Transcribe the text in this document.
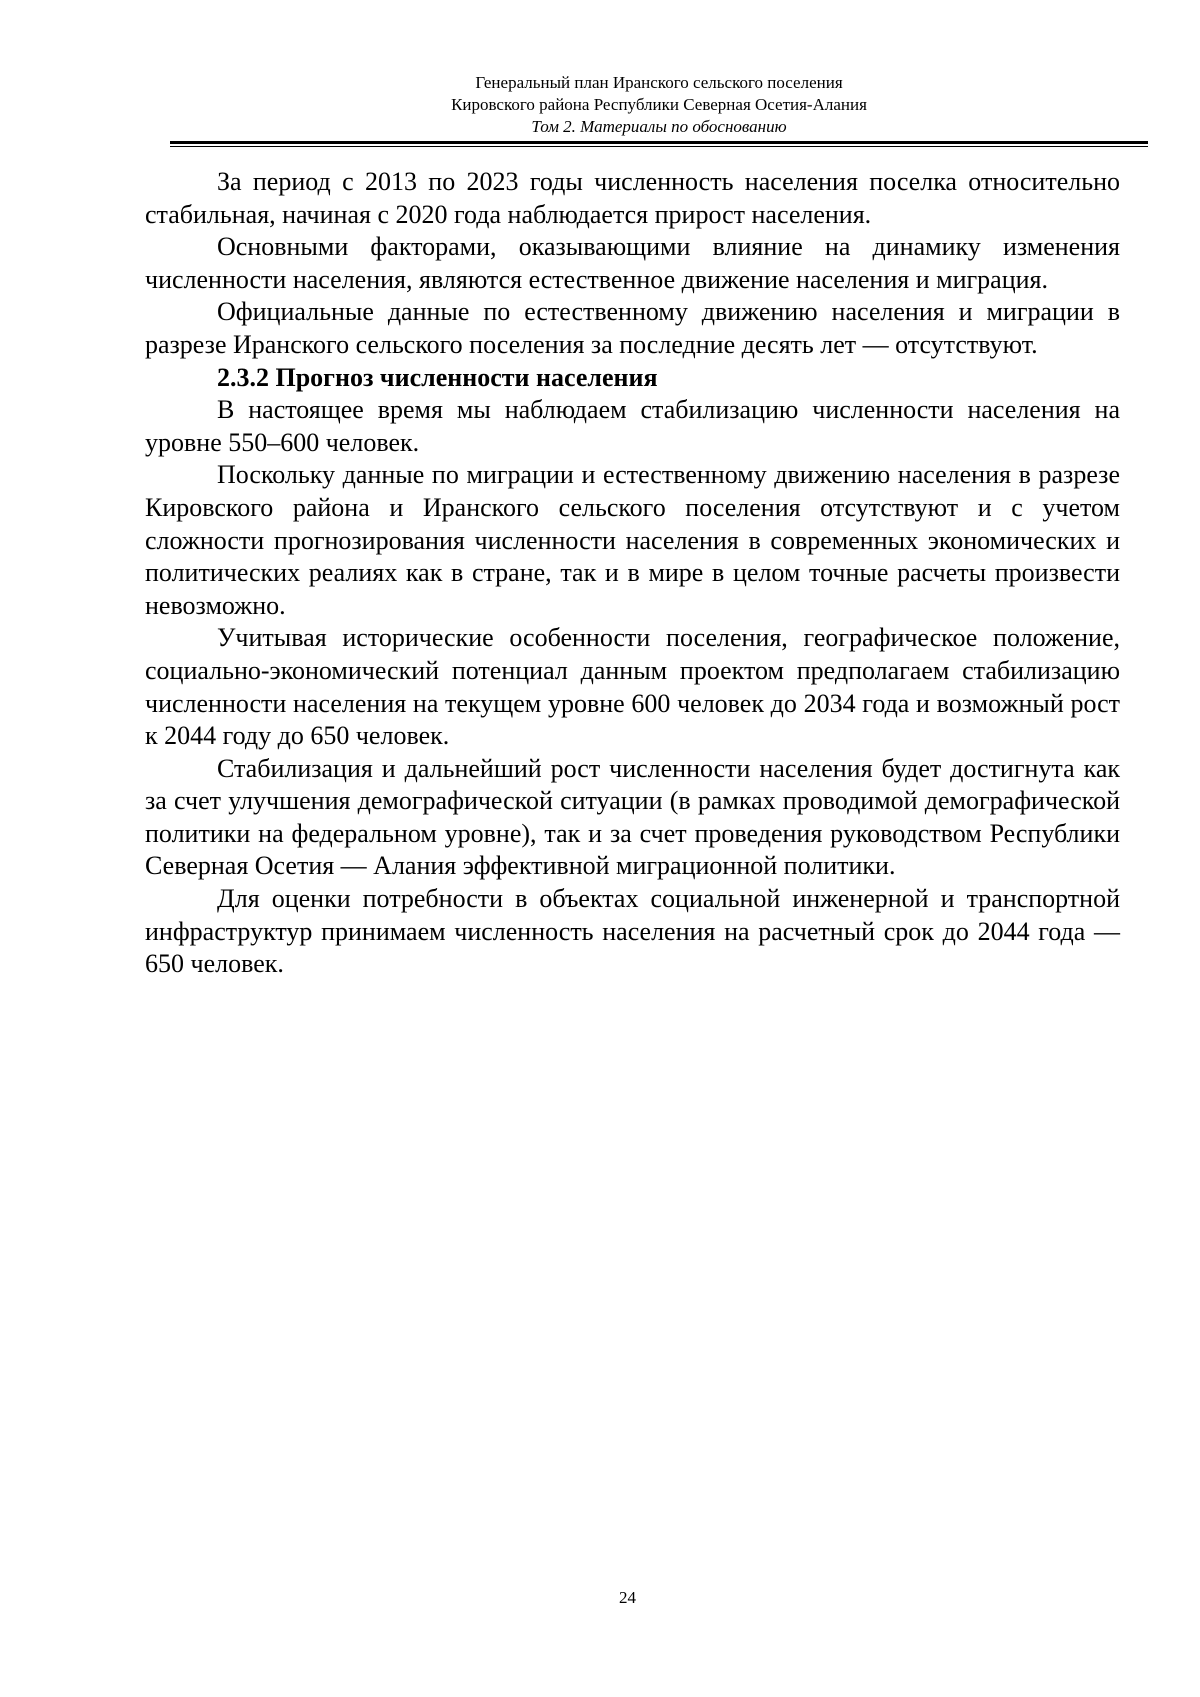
Генеральный план Иранского сельского поселения
Кировского района Республики Северная Осетия-Алания
Том 2. Материалы по обоснованию

За период с 2013 по 2023 годы численность населения поселка относительно стабильная, начиная с 2020 года наблюдается прирост населения.

Основными факторами, оказывающими влияние на динамику изменения численности населения, являются естественное движение населения и миграция.

Официальные данные по естественному движению населения и миграции в разрезе Иранского сельского поселения за последние десять лет — отсутствуют.

2.3.2 Прогноз численности населения

В настоящее время мы наблюдаем стабилизацию численности населения на уровне 550–600 человек.

Поскольку данные по миграции и естественному движению населения в разрезе Кировского района и Иранского сельского поселения отсутствуют и с учетом сложности прогнозирования численности населения в современных экономических и политических реалиях как в стране, так и в мире в целом точные расчеты произвести невозможно.

Учитывая исторические особенности поселения, географическое положение, социально-экономический потенциал данным проектом предполагаем стабилизацию численности населения на текущем уровне 600 человек до 2034 года и возможный рост к 2044 году до 650 человек.

Стабилизация и дальнейший рост численности населения будет достигнута как за счет улучшения демографической ситуации (в рамках проводимой демографической политики на федеральном уровне), так и за счет проведения руководством Республики Северная Осетия — Алания эффективной миграционной политики.

Для оценки потребности в объектах социальной инженерной и транспортной инфраструктур принимаем численность населения на расчетный срок до 2044 года — 650 человек.

24
